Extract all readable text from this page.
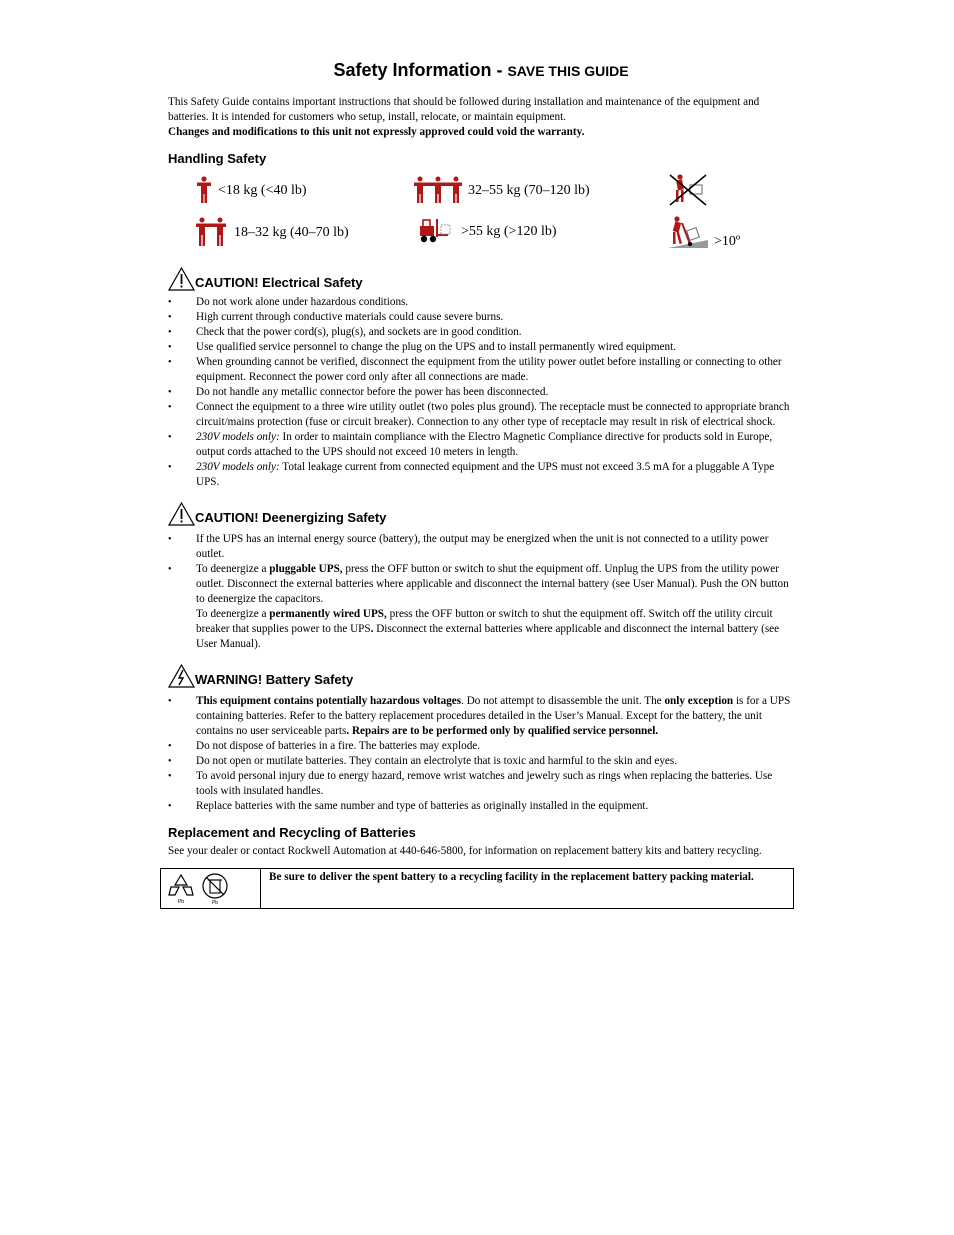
Safety Information - SAVE THIS GUIDE

This Safety Guide contains important instructions that should be followed during installation and maintenance of the equipment and batteries. It is intended for customers who setup, install, relocate, or maintain equipment.

Changes and modifications to this unit not expressly approved could void the warranty.

Handling Safety
<18 kg (<40 lb)	32–55 kg (70–120 lb)
18–32 kg (40–70 lb)	>55 kg (>120 lb)
>10º
CAUTION! Electrical Safety
• Do not work alone under hazardous conditions.
• High current through conductive materials could cause severe burns.
• Check that the power cord(s), plug(s), and sockets are in good condition.
• Use qualified service personnel to change the plug on the UPS and to install permanently wired equipment.
• When grounding cannot be verified, disconnect the equipment from the utility power outlet before installing or connecting to other equipment. Reconnect the power cord only after all connections are made.
• Do not handle any metallic connector before the power has been disconnected.
• Connect the equipment to a three wire utility outlet (two poles plus ground). The receptacle must be connected to appropriate branch circuit/mains protection (fuse or circuit breaker). Connection to any other type of receptacle may result in risk of electrical shock.
• 230V models only: In order to maintain compliance with the Electro Magnetic Compliance directive for products sold in Europe, output cords attached to the UPS should not exceed 10 meters in length.
• 230V models only: Total leakage current from connected equipment and the UPS must not exceed 3.5 mA for a pluggable A Type UPS.
CAUTION! Deenergizing Safety
• If the UPS has an internal energy source (battery), the output may be energized when the unit is not connected to a utility power outlet.
• To deenergize a pluggable UPS, press the OFF button or switch to shut the equipment off. Unplug the UPS from the utility power outlet. Disconnect the external batteries where applicable and disconnect the internal battery (see User Manual). Push the ON button to deenergize the capacitors.
To deenergize a permanently wired UPS, press the OFF button or switch to shut the equipment off. Switch off the utility circuit breaker that supplies power to the UPS. Disconnect the external batteries where applicable and disconnect the internal battery (see User Manual).
WARNING! Battery Safety
• This equipment contains potentially hazardous voltages. Do not attempt to disassemble the unit. The only exception is for a UPS containing batteries. Refer to the battery replacement procedures detailed in the User’s Manual. Except for the battery, the unit contains no user serviceable parts. Repairs are to be performed only by qualified service personnel.
• Do not dispose of batteries in a fire. The batteries may explode.
• Do not open or mutilate batteries. They contain an electrolyte that is toxic and harmful to the skin and eyes.
• To avoid personal injury due to energy hazard, remove wrist watches and jewelry such as rings when replacing the batteries. Use tools with insulated handles.
• Replace batteries with the same number and type of batteries as originally installed in the equipment.
Replacement and Recycling of Batteries

See your dealer or contact Rockwell Automation at 440-646-5800, for information on replacement battery kits and battery recycling.

Pb	Pb
Be sure to deliver the spent battery to a recycling facility in the replacement battery packing material.
